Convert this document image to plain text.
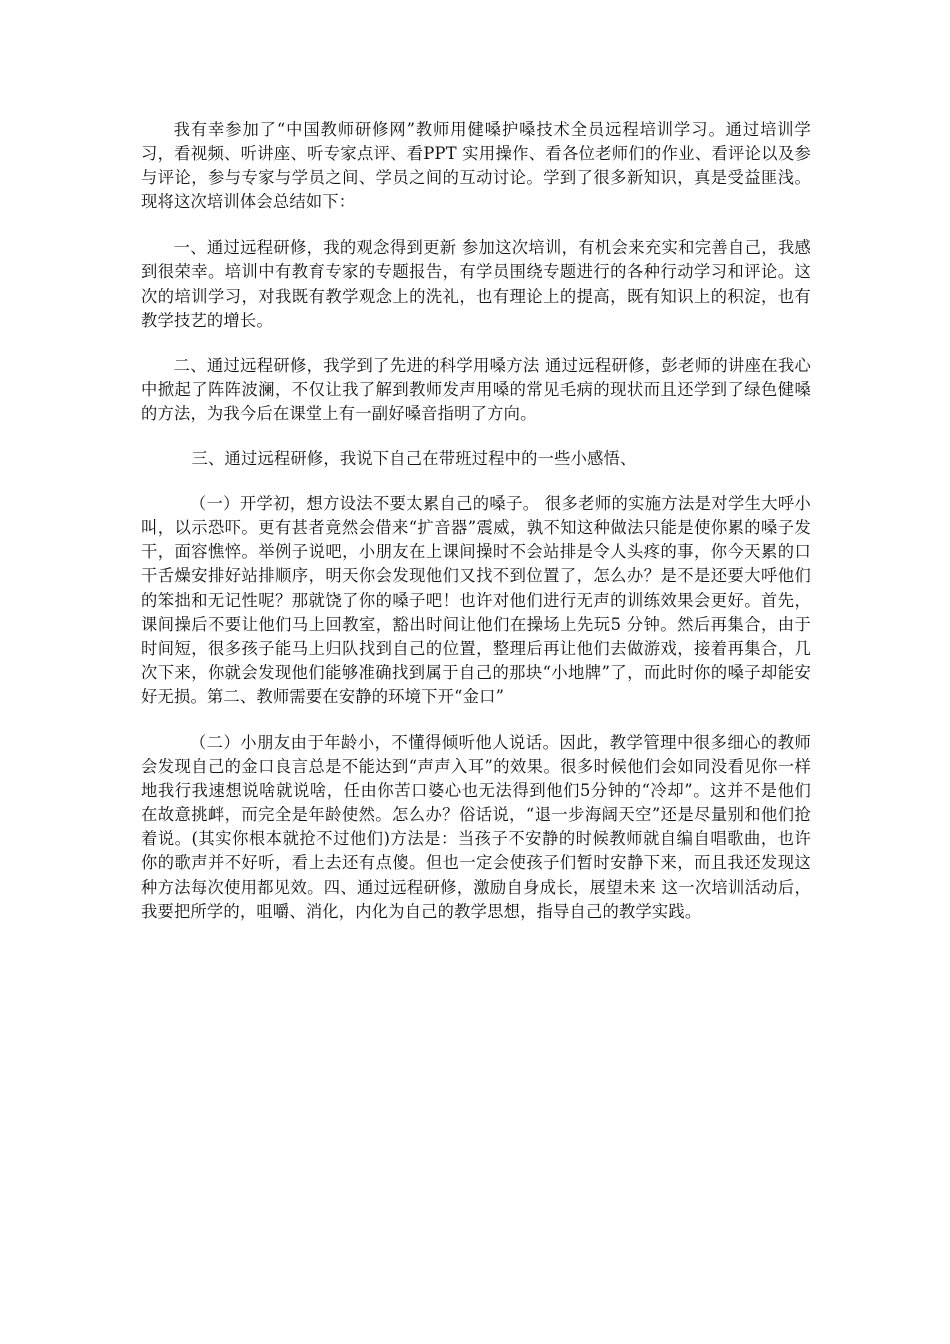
我有幸参加了“中国教师研修网”教师用健嗓护嗓技术全员远程培训学习。通过培训学习，看视频、听讲座、听专家点评、看PPT 实用操作、看各位老师们的作业、看评论以及参与评论，参与专家与学员之间、学员之间的互动讨论。学到了很多新知识，真是受益匪浅。现将这次培训体会总结如下：

一、通过远程研修，我的观念得到更新 参加这次培训，有机会来充实和完善自己，我感到很荣幸。培训中有教育专家的专题报告，有学员围绕专题进行的各种行动学习和评论。这次的培训学习，对我既有教学观念上的洗礼，也有理论上的提高，既有知识上的积淀，也有教学技艺的增长。

二、通过远程研修，我学到了先进的科学用嗓方法 通过远程研修，彭老师的讲座在我心中掀起了阵阵波澜，不仅让我了解到教师发声用嗓的常见毛病的现状而且还学到了绿色健嗓的方法，为我今后在课堂上有一副好嗓音指明了方向。

三、通过远程研修，我说下自己在带班过程中的一些小感悟、

（一）开学初，想方设法不要太累自己的嗓子。 很多老师的实施方法是对学生大呼小叫，以示恐吓。更有甚者竟然会借来“扩音器”震威，孰不知这种做法只能是使你累的嗓子发干，面容憔悴。举例子说吧，小朋友在上课间操时不会站排是令人头疼的事，你今天累的口干舌燥安排好站排顺序，明天你会发现他们又找不到位置了，怎么办？是不是还要大呼他们的笨拙和无记性呢？那就饶了你的嗓子吧！也许对他们进行无声的训练效果会更好。首先，课间操后不要让他们马上回教室，豁出时间让他们在操场上先玩5 分钟。然后再集合，由于时间短，很多孩子能马上归队找到自己的位置，整理后再让他们去做游戏，接着再集合，几次下来，你就会发现他们能够准确找到属于自己的那块“小地牌”了，而此时你的嗓子却能安好无损。第二、教师需要在安静的环境下开“金口”

（二）小朋友由于年龄小，不懂得倾听他人说话。因此，教学管理中很多细心的教师会发现自己的金口良言总是不能达到“声声入耳”的效果。很多时候他们会如同没看见你一样地我行我速想说啥就说啥，任由你苦口婆心也无法得到他们5分钟的“冷却”。这并不是他们在故意挑衅，而完全是年龄使然。怎么办？俗话说，“退一步海阔天空”还是尽量别和他们抢着说。(其实你根本就抢不过他们)方法是：当孩子不安静的时候教师就自编自唱歌曲，也许你的歌声并不好听，看上去还有点傻。但也一定会使孩子们暂时安静下来，而且我还发现这种方法每次使用都见效。四、通过远程研修，激励自身成长，展望未来 这一次培训活动后，我要把所学的，咀嚼、消化，内化为自己的教学思想，指导自己的教学实践。
